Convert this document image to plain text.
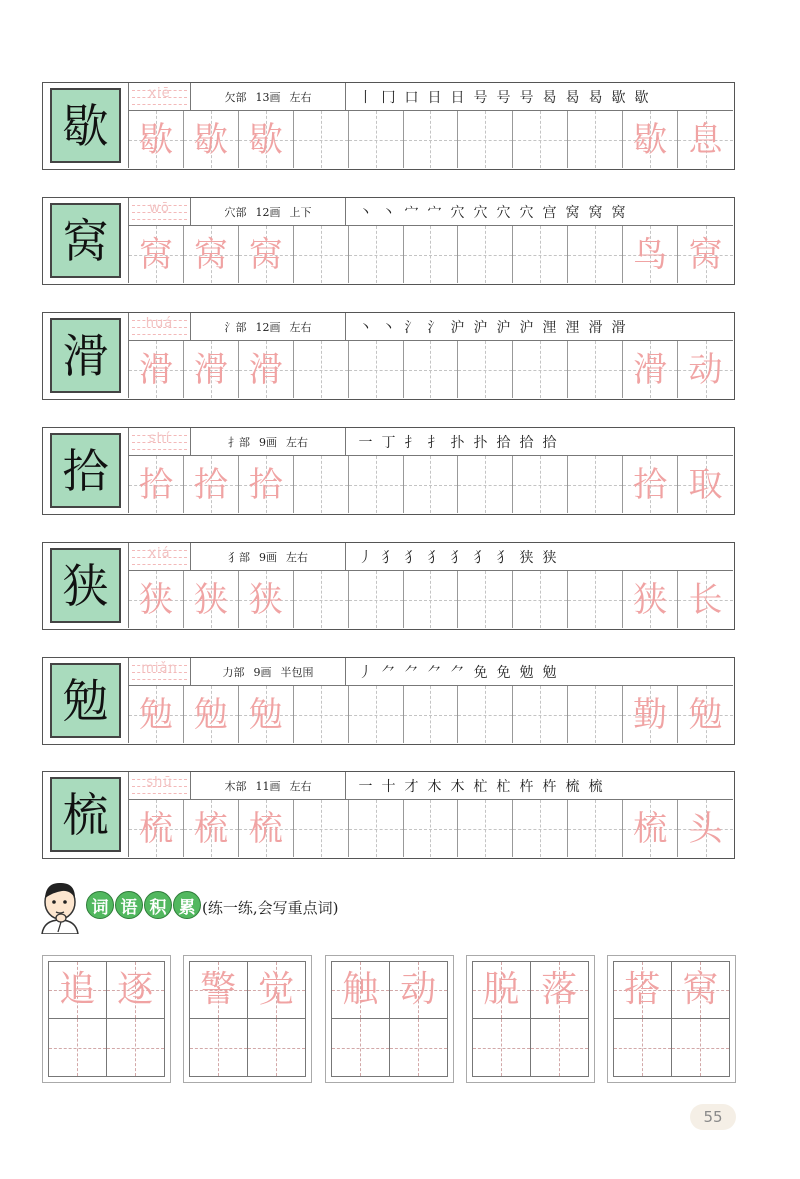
歇
xiē	欠部 13画 左右	丨 冂 口 日 日 号 号 号 曷 曷 曷 歇 歇
歇 歇 歇	歇 息
窝
wō	穴部 12画 上下	丶 丶 宀 宀 穴 穴 穴 穴 宫 窝 窝 窝
窝 窝 窝	鸟 窝
滑
huá	氵部 12画 左右	丶 丶 氵 氵 沪 沪 沪 沪 浬 浬 滑 滑
滑 滑 滑	滑 动
拾
shí	扌部 9画 左右	一 丁 扌 扌 扑 扑 拾 拾 拾
拾 拾 拾	拾 取
狭
xiá	犭部 9画 左右	丿 犭 犭 犭 犭 犭 犭 狭 狭
狭 狭 狭	狭 长
勉
miǎn	力部 9画 半包围	丿 ⺈ ⺈ ⺈ ⺈ 免 免 勉 勉
勉 勉 勉	勤 勉
梳
shū	木部 11画 左右	一 十 才 木 木 杧 杧 杵 杵 梳 梳
梳 梳 梳	梳 头
词 语 积 累 (练一练,会写重点词)
追 逐 警 觉 触 动 脱 落 搭 窝
55
